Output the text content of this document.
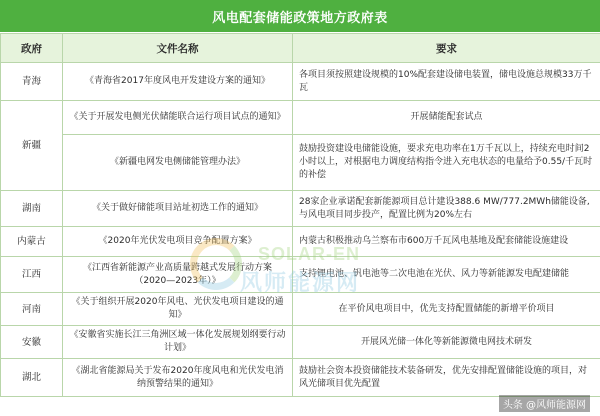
风电配套储能政策地方政府表
政府	文件名称	要求
青海	《青海省2017年度风电开发建设方案的通知》	各项目须按照建设规模的10%配套建设储电装置，储电设施总规模33万千瓦
新疆	《关于开展发电侧光伏储能联合运行项目试点的通知》	开展储能配套试点
	《新疆电网发电侧储能管理办法》	鼓励投资建设电储能设施，要求充电功率在1万千瓦以上，持续充电时间2小时以上，对根据电力调度结构指令进入充电状态的电量给予0.55/千瓦时的补偿
湖南	《关于做好储能项目站址初选工作的通知》	28家企业承诺配套新能源项目总计建设388.6 MW/777.2MWh储能设备,与风电项目同步投产，配置比例为20%左右
内蒙古	《2020年光伏发电项目竞争配置方案》	内蒙古积极推动乌兰察布市600万千瓦风电基地及配套储能设施建设
江西	《江西省新能源产业高质量跨越式发展行动方案（2020—2023年）》	支持锂电池、钒电池等二次电池在光伏、风力等新能源发电配建储能
河南	《关于组织开展2020年风电、光伏发电项目建设的通知》	在平价风电项目中，优先支持配置储能的新增平价项目
安徽	《安徽省实施长江三角洲区域一体化发展规划纲要行动计划》	开展风光储一体化等新能源微电网技术研发
湖北	《湖北省能源局关于发布2020年度风电和光伏发电消纳预警结果的通知》	鼓励社会资本投资储能技术装备研发，优先安排配置储能设施的项目，对风光储项目优先配置
SOLAR-EN
风师能源网
头条 @风师能源网
